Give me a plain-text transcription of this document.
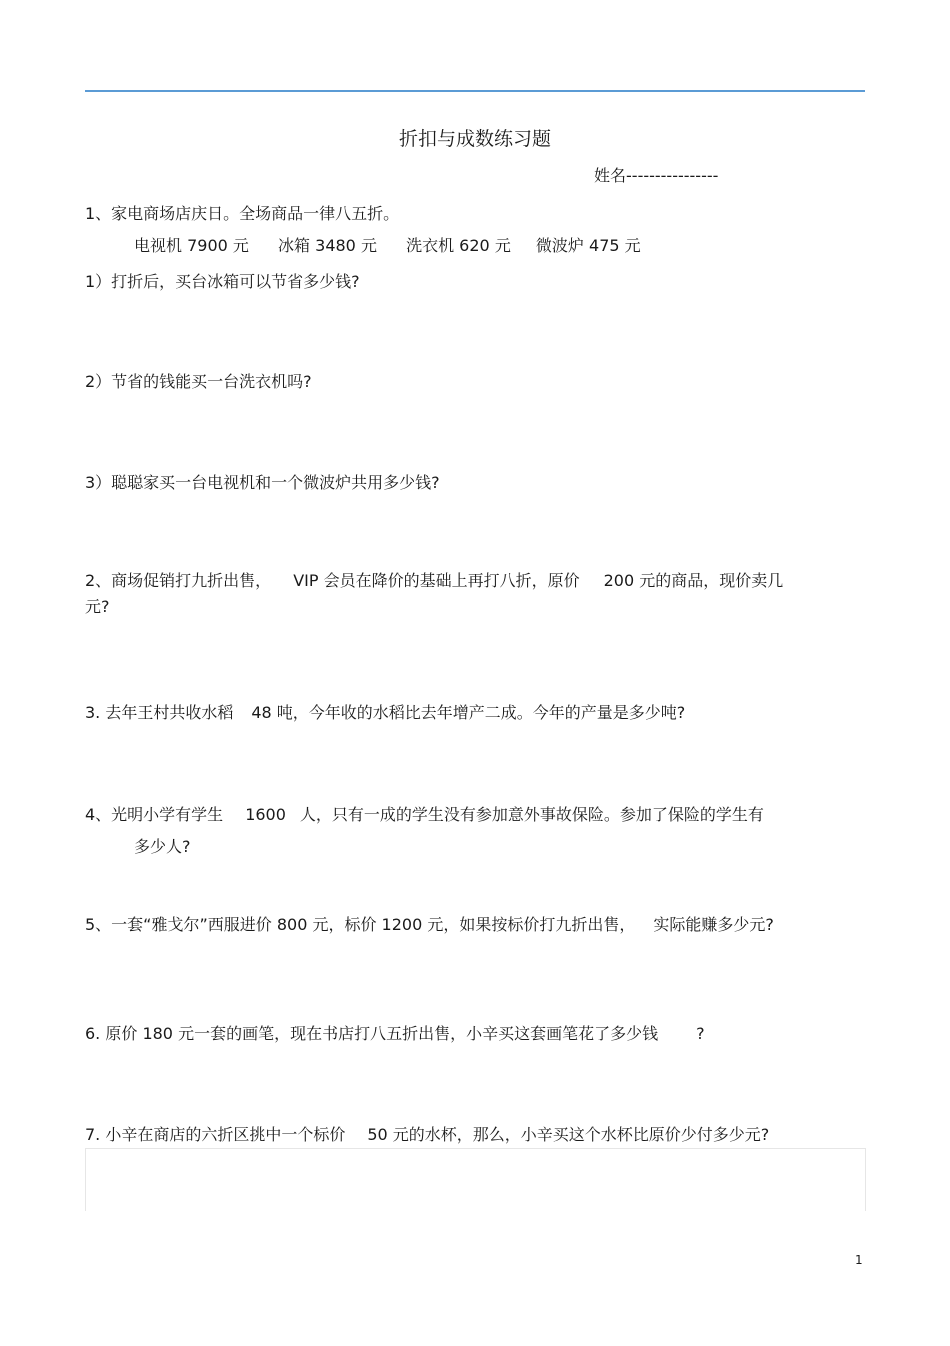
折扣与成数练习题
姓名----------------
1、家电商场店庆日。全场商品一律八五折。
电视机 7900 元 冰箱 3480 元 洗衣机 620 元 微波炉 475 元
1）打折后，买台冰箱可以节省多少钱?
2）节省的钱能买一台洗衣机吗?
3）聪聪家买一台电视机和一个微波炉共用多少钱?
2、商场促销打九折出售， VIP 会员在降价的基础上再打八折，原价 200 元的商品，现价卖几
元?
3. 去年王村共收水稻 48 吨，今年收的水稻比去年增产二成。今年的产量是多少吨?
4、光明小学有学生 1600 人，只有一成的学生没有参加意外事故保险。参加了保险的学生有
多少人?
5、一套“雅戈尔”西服进价 800 元，标价 1200 元，如果按标价打九折出售， 实际能赚多少元?
6. 原价 180 元一套的画笔，现在书店打八五折出售，小辛买这套画笔花了多少钱 ?
7. 小辛在商店的六折区挑中一个标价 50 元的水杯，那么，小辛买这个水杯比原价少付多少元?
1
